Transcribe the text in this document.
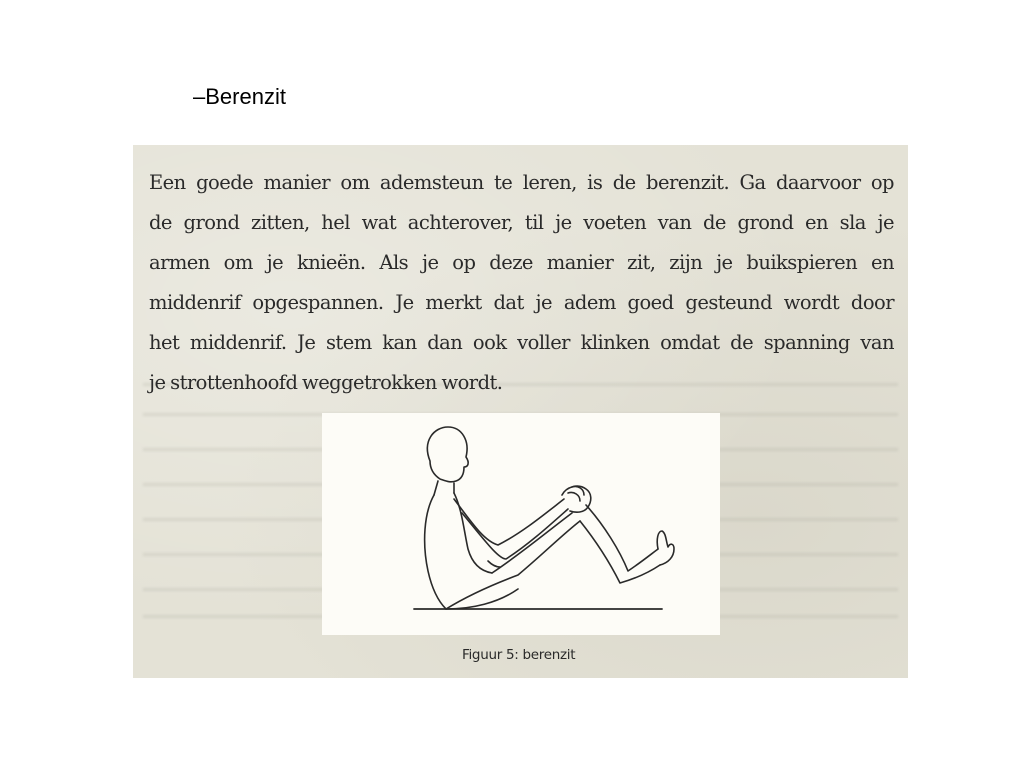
–Berenzit

Een goede manier om ademsteun te leren, is de berenzit. Ga daarvoor op
de grond zitten, hel wat achterover, til je voeten van de grond en sla je
armen om je knieën. Als je op deze manier zit, zijn je buikspieren en
middenrif opgespannen. Je merkt dat je adem goed gesteund wordt door
het middenrif. Je stem kan dan ook voller klinken omdat de spanning van
je strottenhoofd weggetrokken wordt.

Figuur 5: berenzit
